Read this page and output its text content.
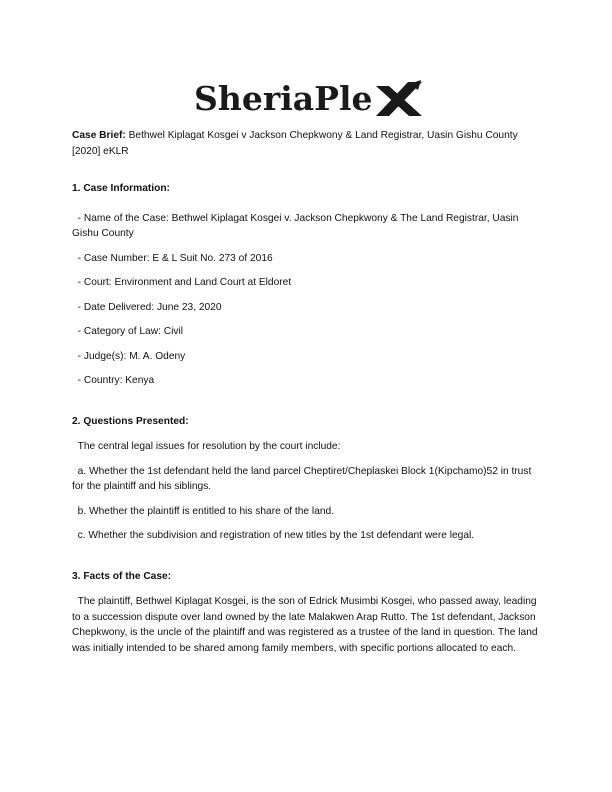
SheriaPle

Case Brief: Bethwel Kiplagat Kosgei v Jackson Chepkwony & Land Registrar, Uasin Gishu County [2020] eKLR

1. Case Information:

- Name of the Case: Bethwel Kiplagat Kosgei v. Jackson Chepkwony & The Land Registrar, Uasin Gishu County

- Case Number: E & L Suit No. 273 of 2016

- Court: Environment and Land Court at Eldoret

- Date Delivered: June 23, 2020

- Category of Law: Civil

- Judge(s): M. A. Odeny

- Country: Kenya

2. Questions Presented:

The central legal issues for resolution by the court include:

a. Whether the 1st defendant held the land parcel Cheptiret/Cheplaskei Block 1(Kipchamo)52 in trust for the plaintiff and his siblings.

b. Whether the plaintiff is entitled to his share of the land.

c. Whether the subdivision and registration of new titles by the 1st defendant were legal.

3. Facts of the Case:

The plaintiff, Bethwel Kiplagat Kosgei, is the son of Edrick Musimbi Kosgei, who passed away, leading to a succession dispute over land owned by the late Malakwen Arap Rutto. The 1st defendant, Jackson Chepkwony, is the uncle of the plaintiff and was registered as a trustee of the land in question. The land was initially intended to be shared among family members, with specific portions allocated to each.
